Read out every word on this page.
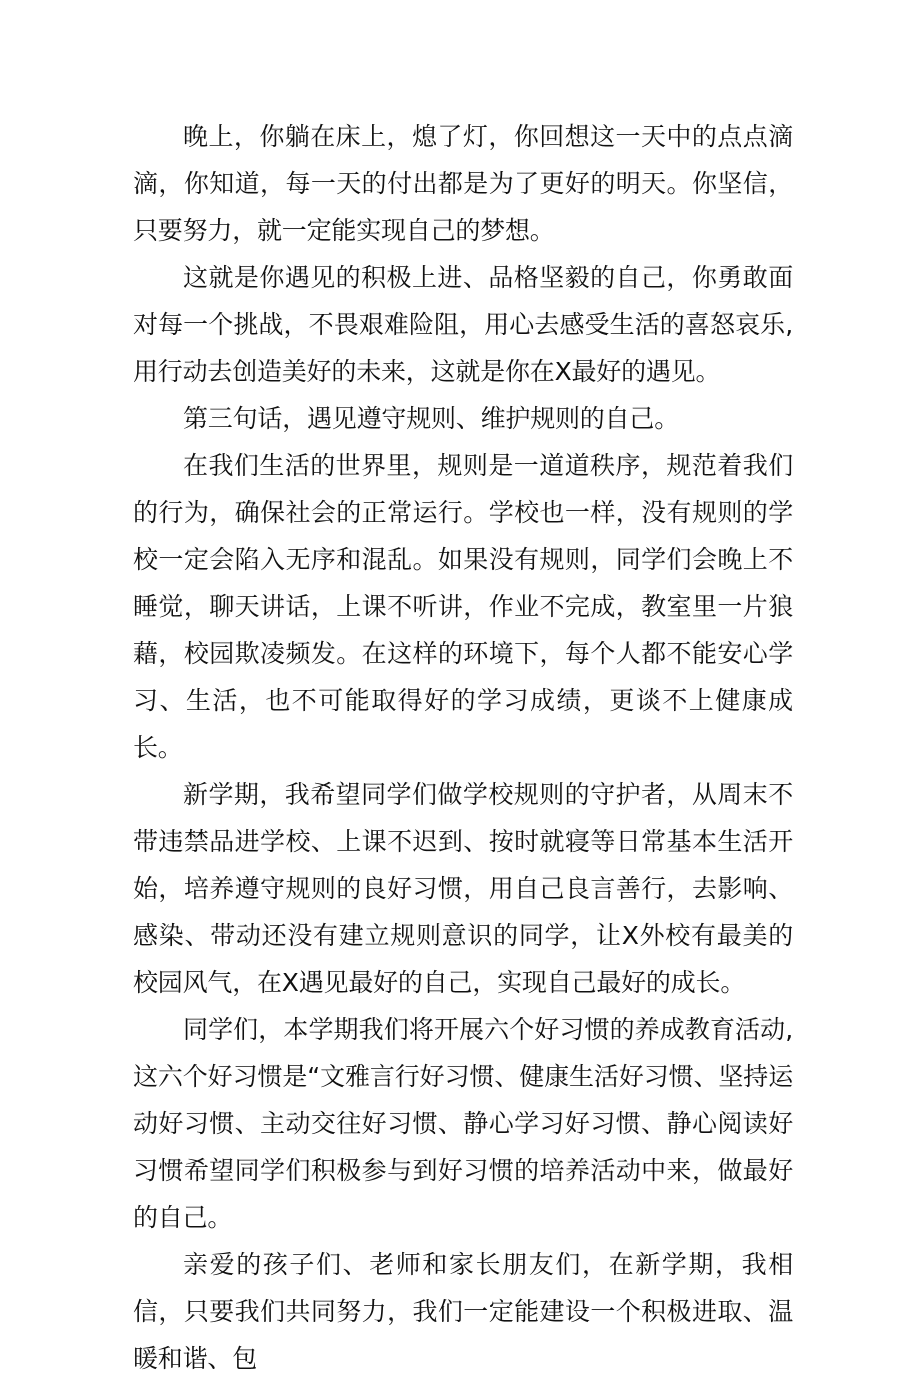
晚上，你躺在床上，熄了灯，你回想这一天中的点点滴滴，你知道，每一天的付出都是为了更好的明天。你坚信，只要努力，就一定能实现自己的梦想。

这就是你遇见的积极上进、品格坚毅的自己，你勇敢面对每一个挑战，不畏艰难险阻，用心去感受生活的喜怒哀乐,用行动去创造美好的未来，这就是你在X最好的遇见。

第三句话，遇见遵守规则、维护规则的自己。

在我们生活的世界里，规则是一道道秩序，规范着我们的行为，确保社会的正常运行。学校也一样，没有规则的学校一定会陷入无序和混乱。如果没有规则，同学们会晚上不睡觉，聊天讲话，上课不听讲，作业不完成，教室里一片狼藉，校园欺凌频发。在这样的环境下，每个人都不能安心学习、生活，也不可能取得好的学习成绩，更谈不上健康成长。

新学期，我希望同学们做学校规则的守护者，从周末不带违禁品进学校、上课不迟到、按时就寝等日常基本生活开始，培养遵守规则的良好习惯，用自己良言善行，去影响、感染、带动还没有建立规则意识的同学，让X外校有最美的校园风气，在X遇见最好的自己，实现自己最好的成长。

同学们，本学期我们将开展六个好习惯的养成教育活动,这六个好习惯是“文雅言行好习惯、健康生活好习惯、坚持运动好习惯、主动交往好习惯、静心学习好习惯、静心阅读好习惯希望同学们积极参与到好习惯的培养活动中来，做最好的自己。

亲爱的孩子们、老师和家长朋友们，在新学期，我相信，只要我们共同努力，我们一定能建设一个积极进取、温暖和谐、包
